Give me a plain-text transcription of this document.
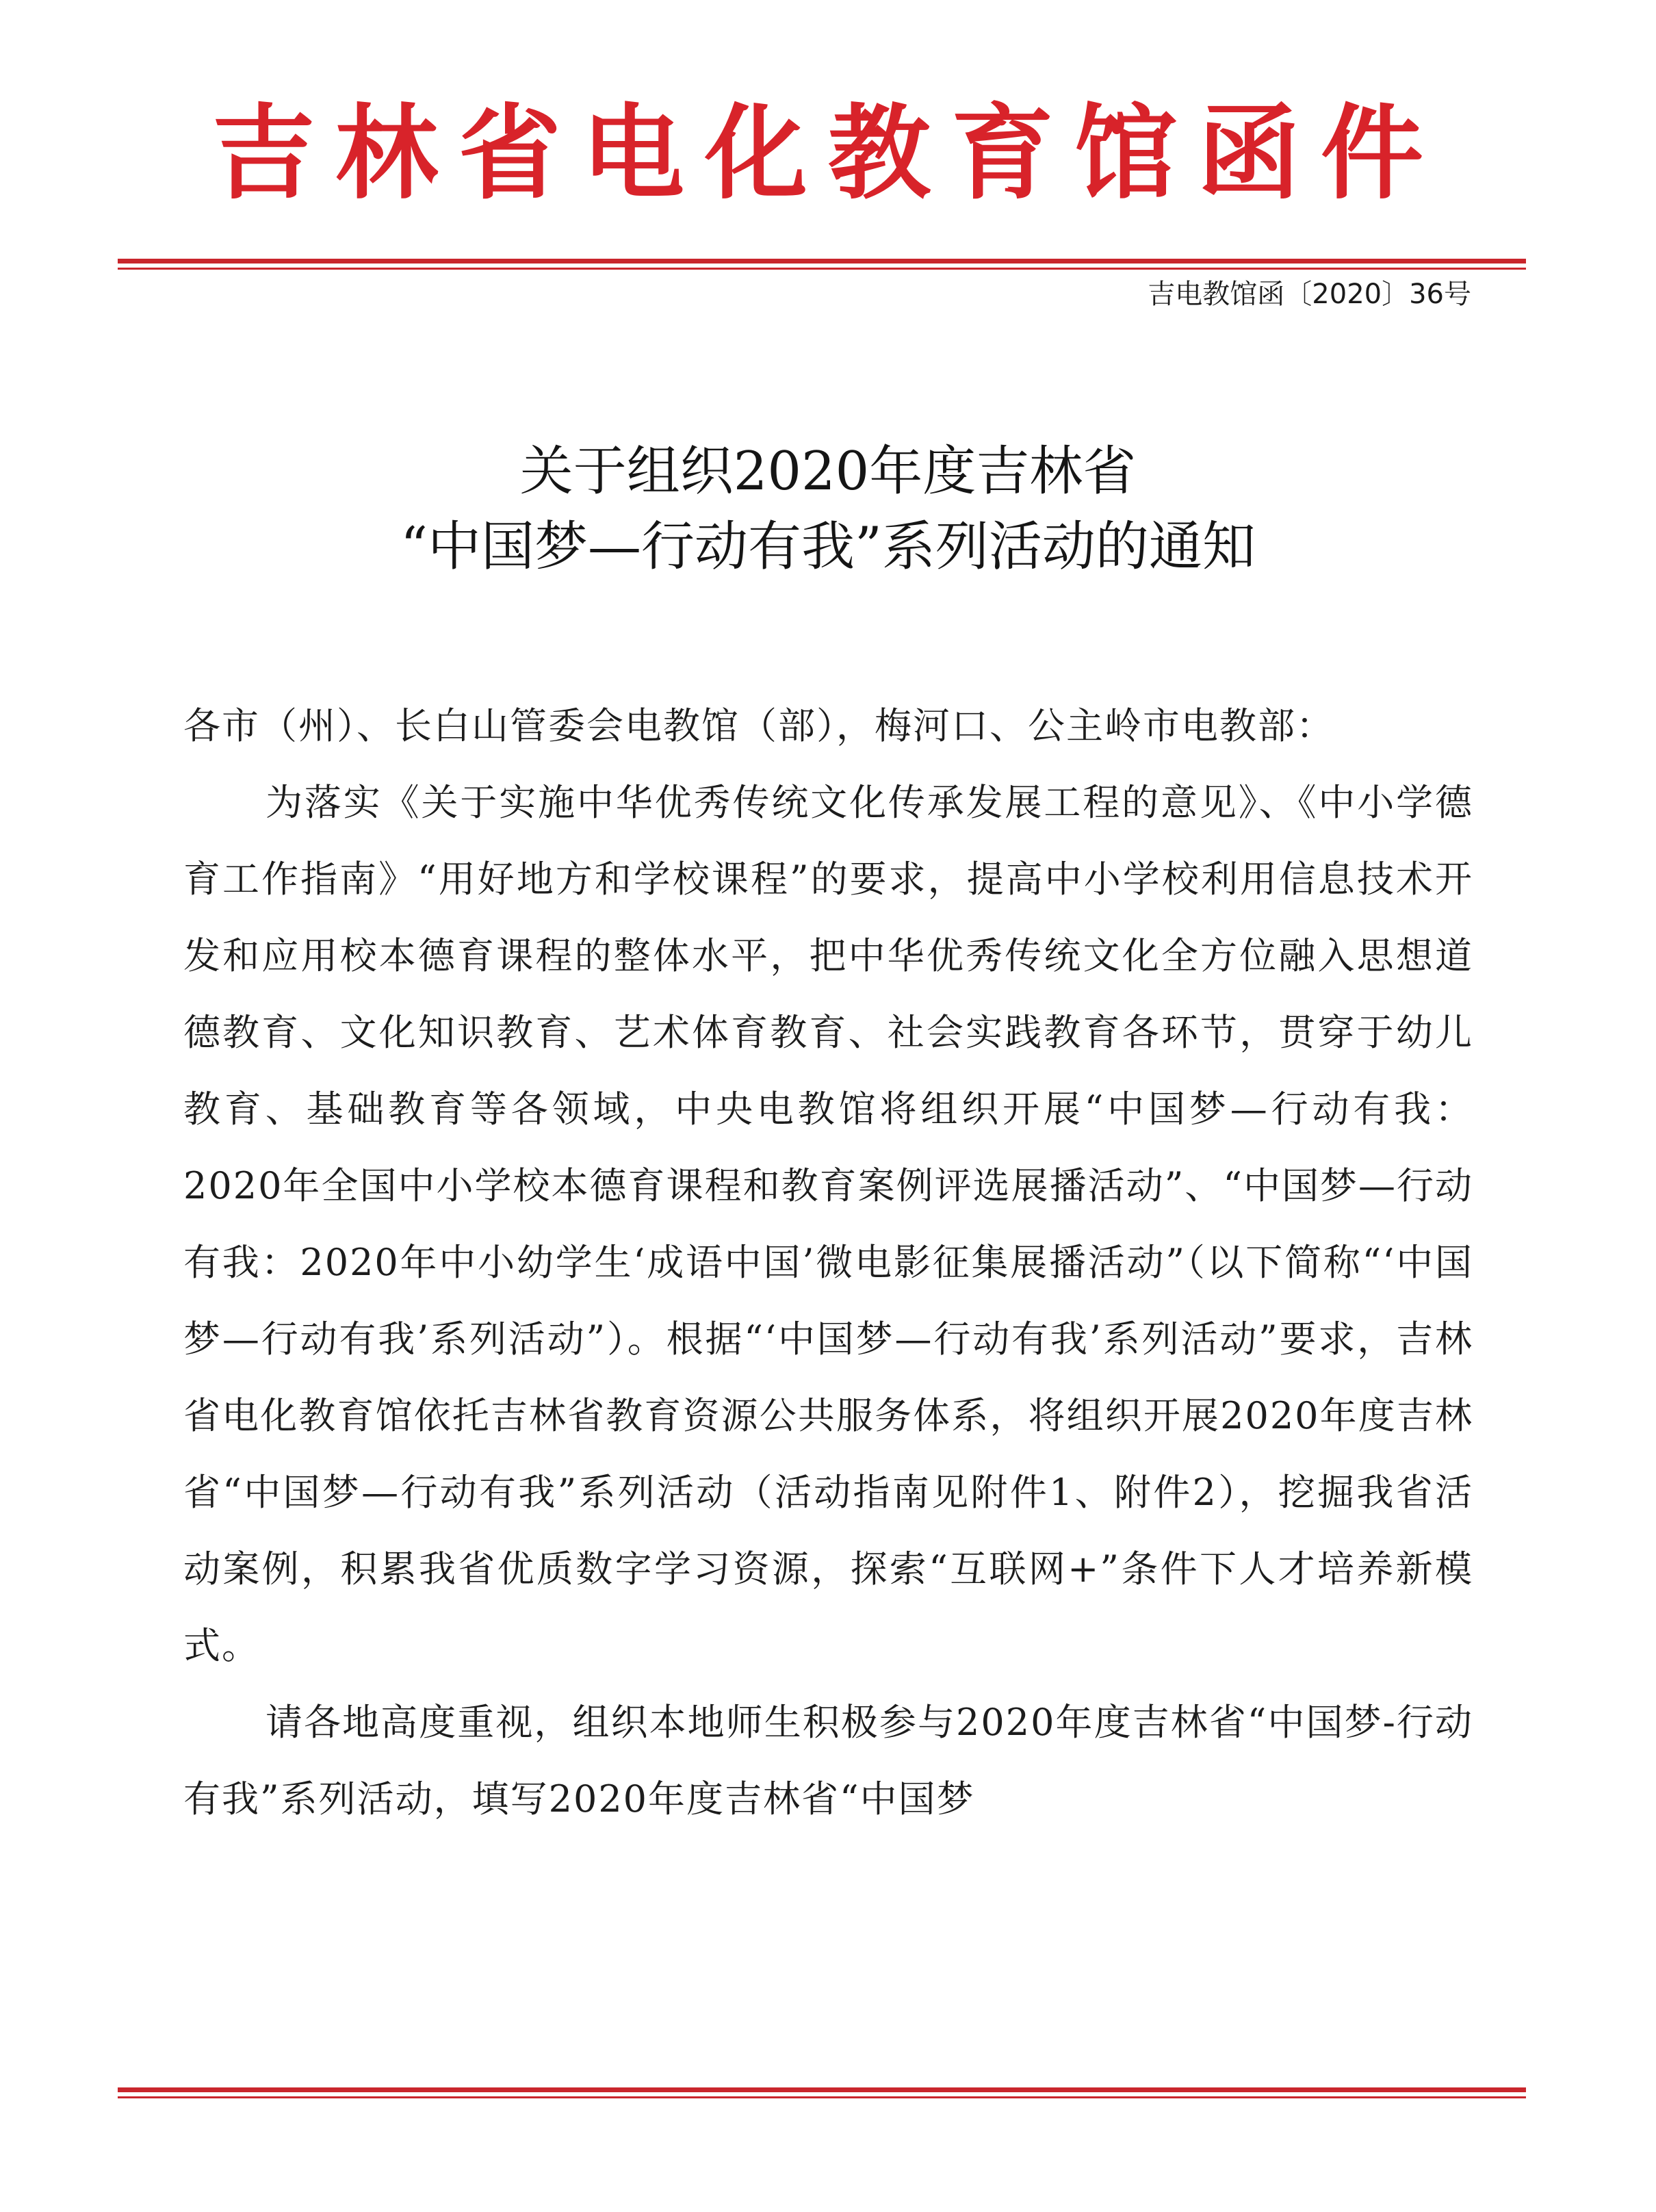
吉林省电化教育馆函件
吉电教馆函〔2020〕36号
关于组织2020年度吉林省
“中国梦—行动有我”系列活动的通知

各市（州）、长白山管委会电教馆（部），梅河口、公主岭市电教部：

为落实《关于实施中华优秀传统文化传承发展工程的意见》、《中小学德育工作指南》“用好地方和学校课程”的要求，提高中小学校利用信息技术开发和应用校本德育课程的整体水平，把中华优秀传统文化全方位融入思想道德教育、文化知识教育、艺术体育教育、社会实践教育各环节，贯穿于幼儿教育、基础教育等各领域，中央电教馆将组织开展“中国梦—行动有我：2020年全国中小学校本德育课程和教育案例评选展播活动”、“中国梦—行动有我：2020年中小幼学生‘成语中国’微电影征集展播活动”（以下简称“‘中国梦—行动有我’系列活动”）。根据“‘中国梦—行动有我’系列活动”要求，吉林省电化教育馆依托吉林省教育资源公共服务体系，将组织开展2020年度吉林省“中国梦—行动有我”系列活动（活动指南见附件1、附件2），挖掘我省活动案例，积累我省优质数字学习资源，探索“互联网+”条件下人才培养新模式。

请各地高度重视，组织本地师生积极参与2020年度吉林省“中国梦-行动有我”系列活动，填写2020年度吉林省“中国梦
